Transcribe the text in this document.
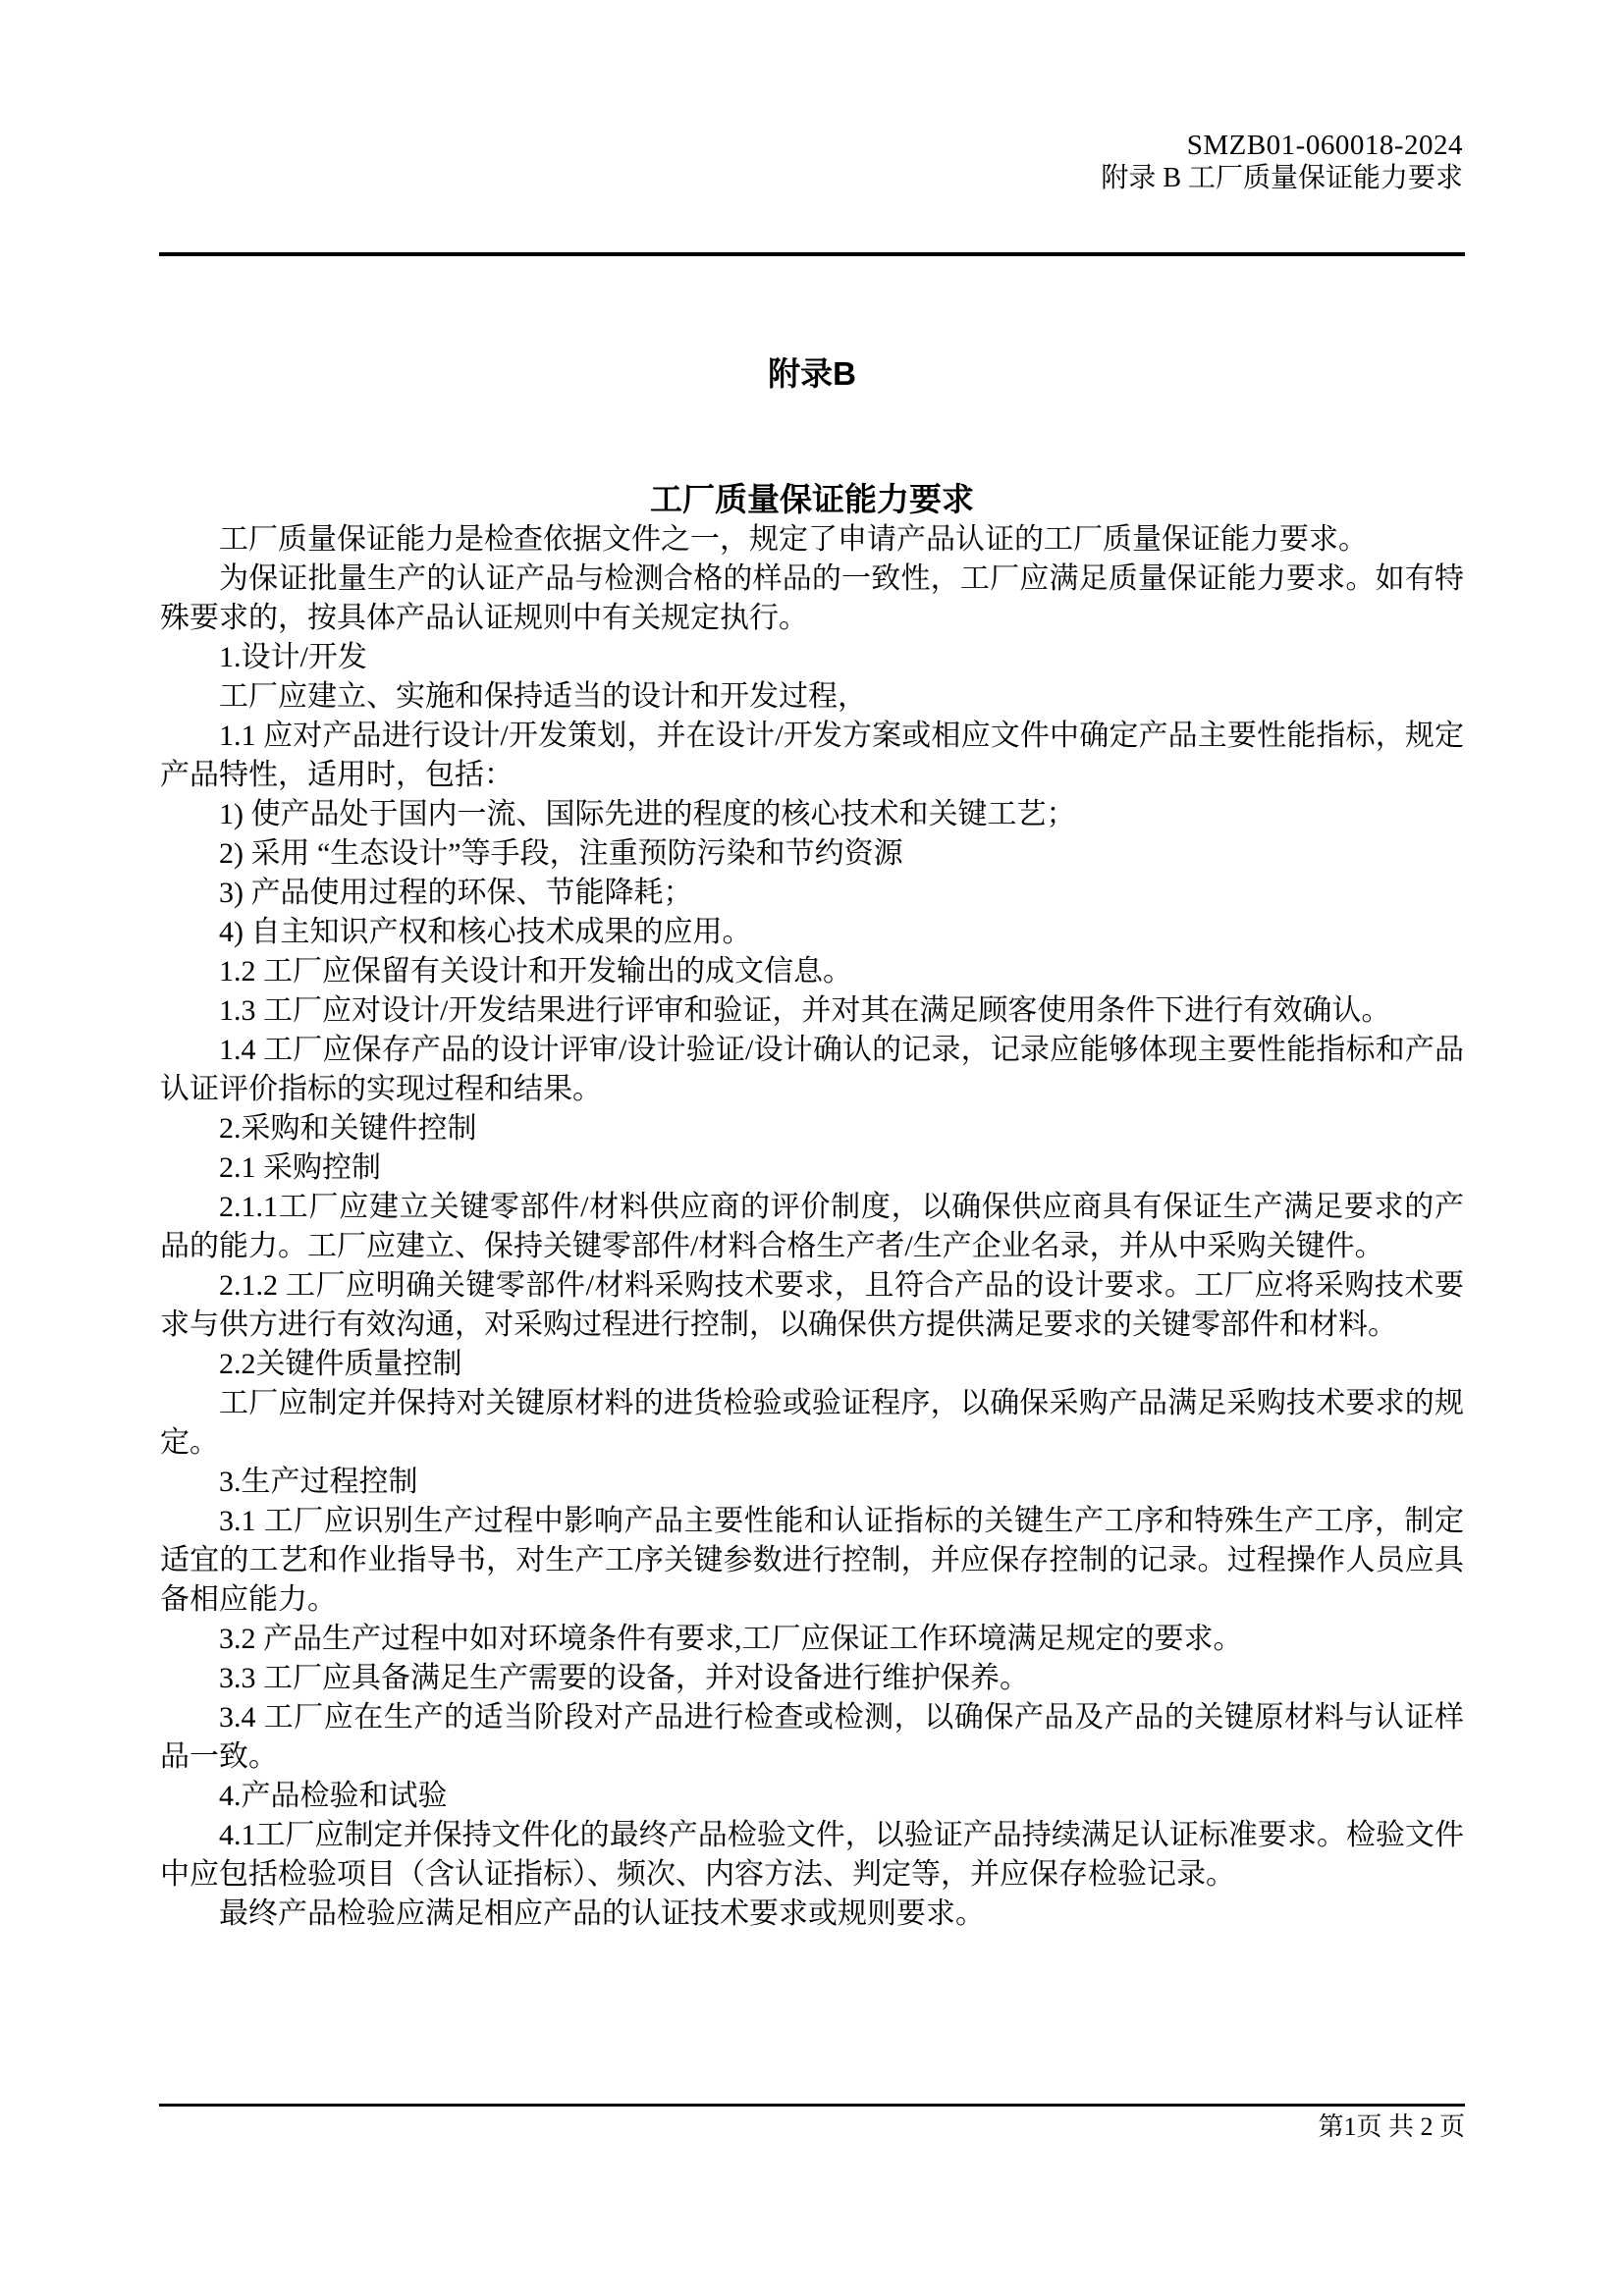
SMZB01-060018-2024
附录 B 工厂质量保证能力要求
附录B
工厂质量保证能力要求

工厂质量保证能力是检查依据文件之一，规定了申请产品认证的工厂质量保证能力要求。

为保证批量生产的认证产品与检测合格的样品的一致性，工厂应满足质量保证能力要求。如有特殊要求的，按具体产品认证规则中有关规定执行。

1.设计/开发

工厂应建立、实施和保持适当的设计和开发过程，

1.1 应对产品进行设计/开发策划，并在设计/开发方案或相应文件中确定产品主要性能指标，规定产品特性，适用时，包括：

1) 使产品处于国内一流、国际先进的程度的核心技术和关键工艺；

2) 采用 “生态设计”等手段，注重预防污染和节约资源

3) 产品使用过程的环保、节能降耗；

4) 自主知识产权和核心技术成果的应用。

1.2 工厂应保留有关设计和开发输出的成文信息。

1.3 工厂应对设计/开发结果进行评审和验证，并对其在满足顾客使用条件下进行有效确认。

1.4 工厂应保存产品的设计评审/设计验证/设计确认的记录，记录应能够体现主要性能指标和产品认证评价指标的实现过程和结果。

2.采购和关键件控制

2.1 采购控制

2.1.1工厂应建立关键零部件/材料供应商的评价制度，以确保供应商具有保证生产满足要求的产品的能力。工厂应建立、保持关键零部件/材料合格生产者/生产企业名录，并从中采购关键件。

2.1.2 工厂应明确关键零部件/材料采购技术要求，且符合产品的设计要求。工厂应将采购技术要求与供方进行有效沟通，对采购过程进行控制，以确保供方提供满足要求的关键零部件和材料。

2.2关键件质量控制

工厂应制定并保持对关键原材料的进货检验或验证程序，以确保采购产品满足采购技术要求的规定。

3.生产过程控制

3.1 工厂应识别生产过程中影响产品主要性能和认证指标的关键生产工序和特殊生产工序，制定适宜的工艺和作业指导书，对生产工序关键参数进行控制，并应保存控制的记录。过程操作人员应具备相应能力。

3.2 产品生产过程中如对环境条件有要求,工厂应保证工作环境满足规定的要求。

3.3 工厂应具备满足生产需要的设备，并对设备进行维护保养。

3.4 工厂应在生产的适当阶段对产品进行检查或检测，以确保产品及产品的关键原材料与认证样品一致。

4.产品检验和试验

4.1工厂应制定并保持文件化的最终产品检验文件，以验证产品持续满足认证标准要求。检验文件中应包括检验项目（含认证指标）、频次、内容方法、判定等，并应保存检验记录。

最终产品检验应满足相应产品的认证技术要求或规则要求。

第1页 共 2 页
